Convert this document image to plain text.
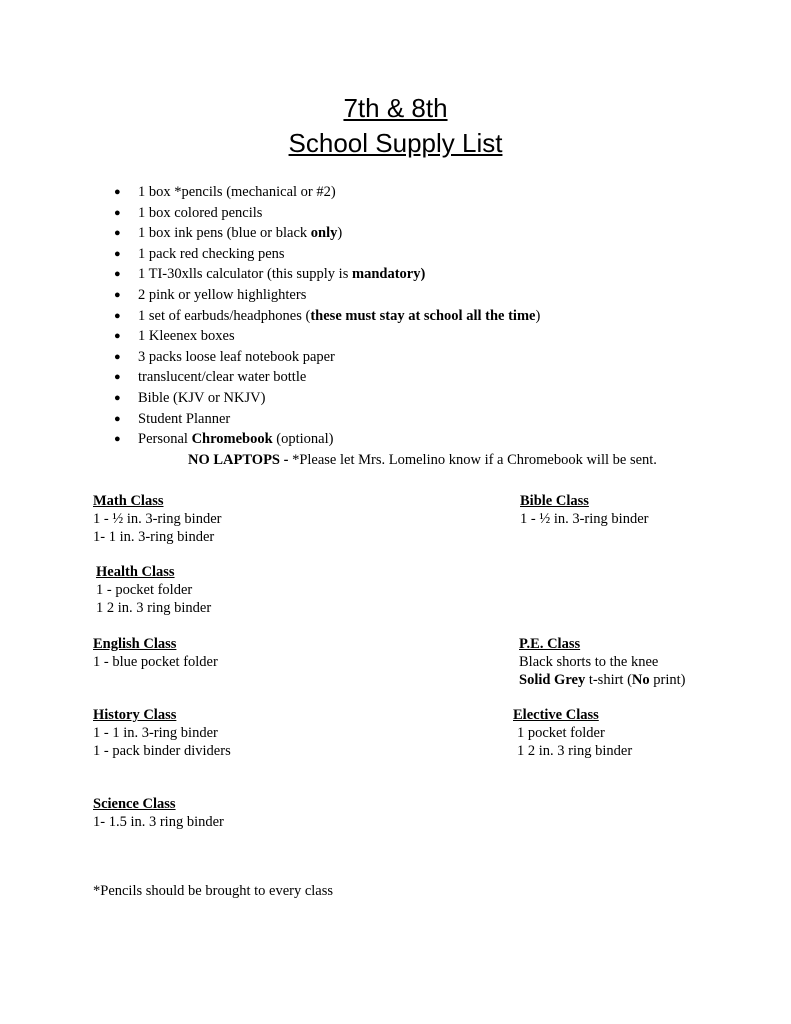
7th & 8th
School Supply List
● 1 box *pencils (mechanical or #2)
● 1 box colored pencils
● 1 box ink pens (blue or black only)
● 1 pack red checking pens
● 1 TI-30xlls calculator (this supply is mandatory)
● 2 pink or yellow highlighters
● 1 set of earbuds/headphones (these must stay at school all the time)
● 1 Kleenex boxes
● 3 packs loose leaf notebook paper
● translucent/clear water bottle
● Bible (KJV or NKJV)
● Student Planner
● Personal Chromebook (optional)
NO LAPTOPS - *Please let Mrs. Lomelino know if a Chromebook will be sent.
Math Class
1 - ½ in. 3-ring binder
1- 1 in. 3-ring binder
Bible Class
1 - ½ in. 3-ring binder
Health Class
1 - pocket folder
1 2 in. 3 ring binder
English Class
1 - blue pocket folder
P.E. Class
Black shorts to the knee
Solid Grey t-shirt (No print)
History Class
1 - 1 in. 3-ring binder
1 - pack binder dividers
Elective Class
1 pocket folder
1 2 in. 3 ring binder
Science Class
1- 1.5 in. 3 ring binder
*Pencils should be brought to every class
